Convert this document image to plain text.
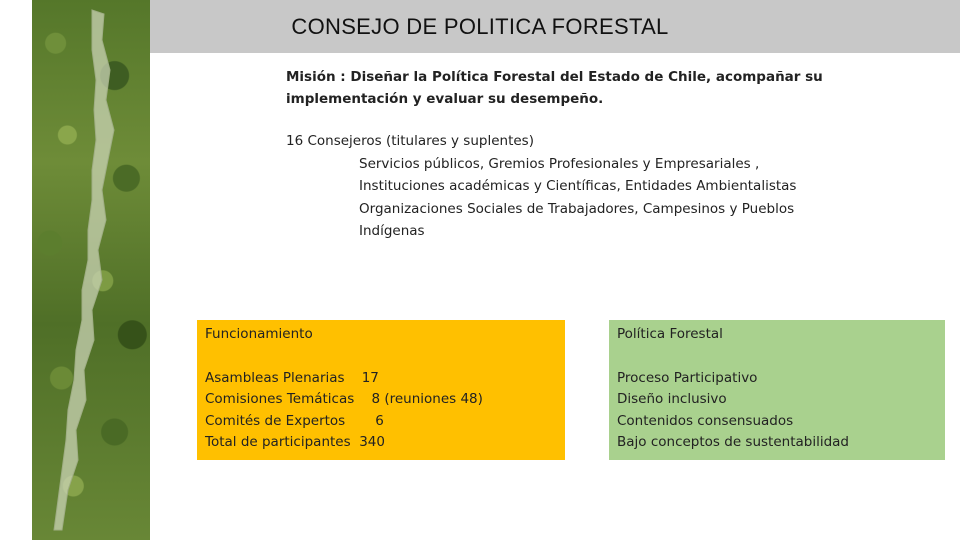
CONSEJO DE POLITICA FORESTAL
Misión : Diseñar la Política Forestal del Estado de Chile, acompañar su implementación y evaluar su desempeño.
16 Consejeros (titulares y suplentes)
Servicios públicos, Gremios Profesionales y Empresariales ,
Instituciones académicas y Científicas, Entidades Ambientalistas
Organizaciones Sociales de Trabajadores, Campesinos y Pueblos
Indígenas
Funcionamiento
Asambleas Plenarias 17
Comisiones Temáticas 8 (reuniones 48)
Comités de Expertos 6
Total de participantes 340
Política Forestal
Proceso Participativo
Diseño inclusivo
Contenidos consensuados
Bajo conceptos de sustentabilidad
